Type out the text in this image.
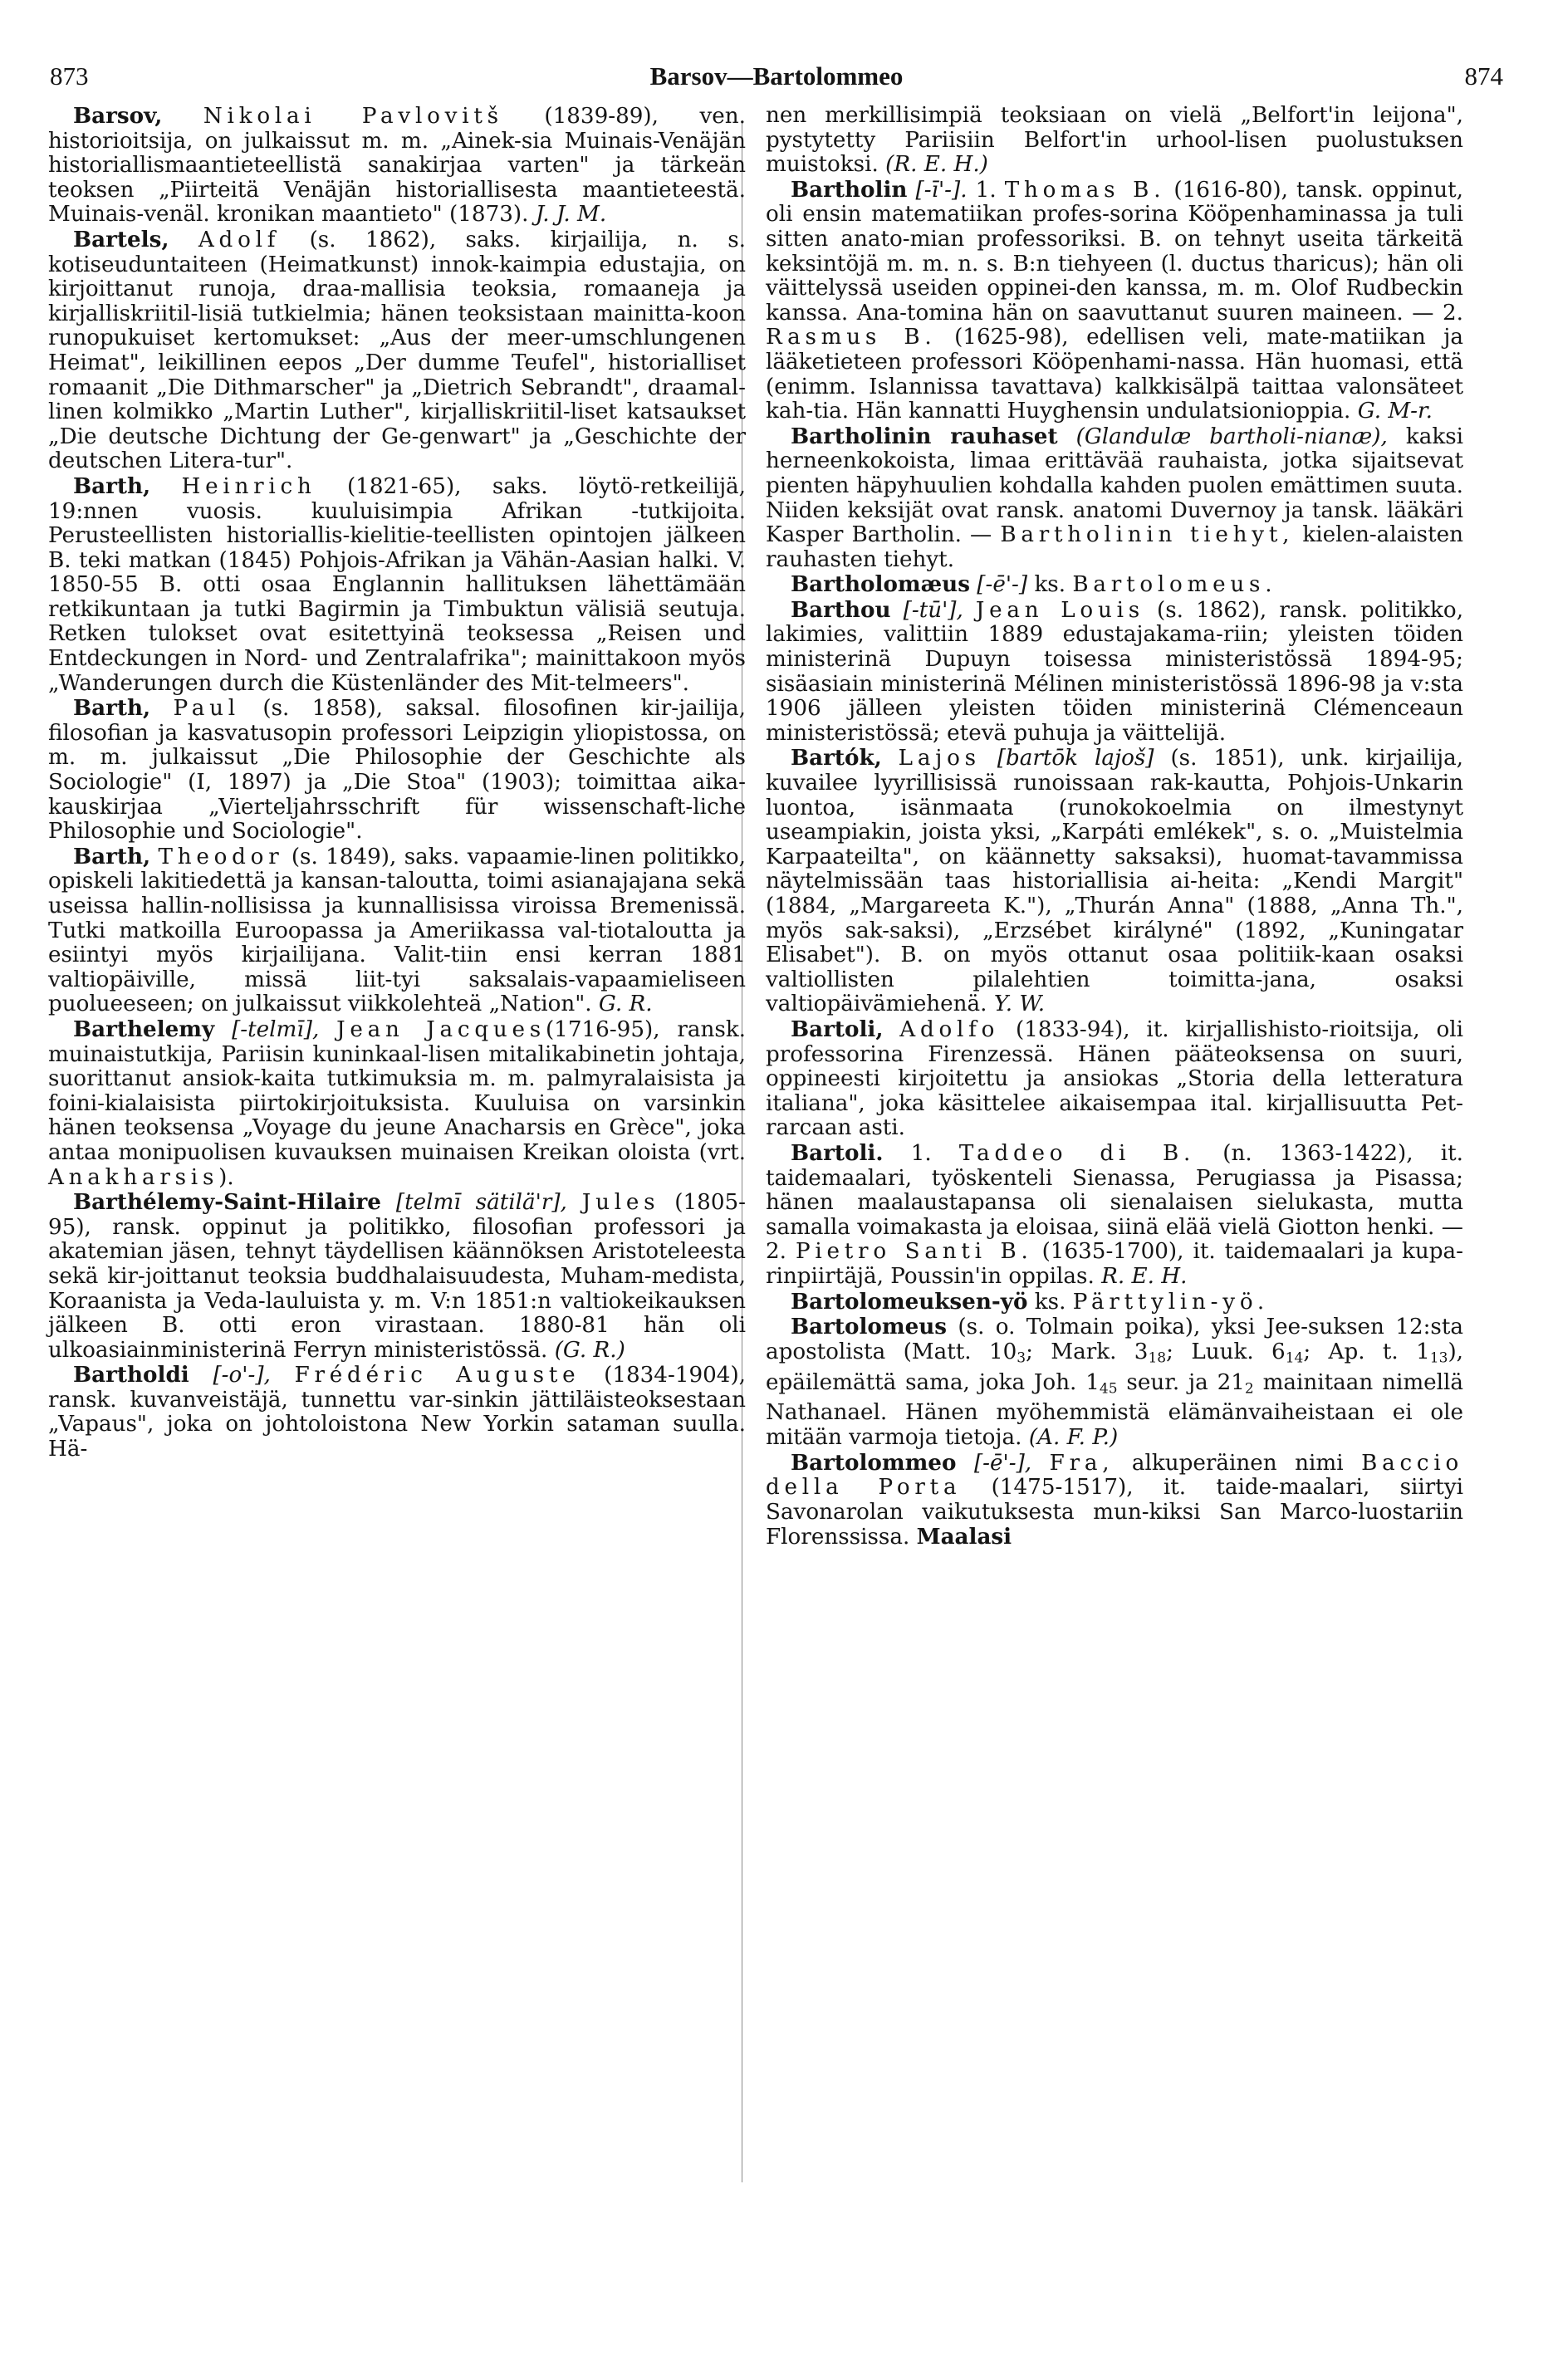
873	Barsov—Bartolommeo	874

Barsov, Nikolai Pavlovitš (1839-89), ven. historioitsija, on julkaissut m. m. „Ainek-sia Muinais-Venäjän historiallismaantieteellistä sanakirjaa varten" ja tärkeän teoksen „Piirteitä Venäjän historiallisesta maantieteestä. Muinais-venäl. kronikan maantieto" (1873). J. J. M.

Bartels, Adolf (s. 1862), saks. kirjailija, n. s. kotiseuduntaiteen (Heimatkunst) innok-kaimpia edustajia, on kirjoittanut runoja, draa-mallisia teoksia, romaaneja ja kirjalliskriitil-lisiä tutkielmia; hänen teoksistaan mainitta-koon runopukuiset kertomukset: „Aus der meer-umschlungenen Heimat", leikillinen eepos „Der dumme Teufel", historialliset romaanit „Die Dithmarscher" ja „Dietrich Sebrandt", draamal-linen kolmikko „Martin Luther", kirjalliskriitil-liset katsaukset „Die deutsche Dichtung der Ge-genwart" ja „Geschichte der deutschen Litera-tur".

Barth, Heinrich (1821-65), saks. löytö-retkeilijä, 19:nnen vuosis. kuuluisimpia Afrikan -tutkijoita. Perusteellisten historiallis-kielitie-teellisten opintojen jälkeen B. teki matkan (1845) Pohjois-Afrikan ja Vähän-Aasian halki. V. 1850-55 B. otti osaa Englannin hallituksen lähettämään retkikuntaan ja tutki Bagirmin ja Timbuktun välisiä seutuja. Retken tulokset ovat esitettyinä teoksessa „Reisen und Entdeckungen in Nord- und Zentralafrika"; mainittakoon myös „Wanderungen durch die Küstenländer des Mit-telmeers".

Barth, Paul (s. 1858), saksal. filosofinen kir-jailija, filosofian ja kasvatusopin professori Leipzigin yliopistossa, on m. m. julkaissut „Die Philosophie der Geschichte als Sociologie" (I, 1897) ja „Die Stoa" (1903); toimittaa aika-kauskirjaa „Vierteljahrsschrift für wissenschaft-liche Philosophie und Sociologie".

Barth, Theodor (s. 1849), saks. vapaamie-linen politikko, opiskeli lakitiedettä ja kansan-taloutta, toimi asianajajana sekä useissa hallin-nollisissa ja kunnallisissa viroissa Bremenissä. Tutki matkoilla Euroopassa ja Ameriikassa val-tiotaloutta ja esiintyi myös kirjailijana. Valit-tiin ensi kerran 1881 valtiopäiville, missä liit-tyi saksalais-vapaamieliseen puolueeseen; on julkaissut viikkolehteä „Nation". G. R.

Barthelemy [-telmī], Jean Jacques(1716-95), ransk. muinaistutkija, Pariisin kuninkaal-lisen mitalikabinetin johtaja, suorittanut ansiok-kaita tutkimuksia m. m. palmyralaisista ja foini-kialaisista piirtokirjoituksista. Kuuluisa on varsinkin hänen teoksensa „Voyage du jeune Anacharsis en Grèce", joka antaa monipuolisen kuvauksen muinaisen Kreikan oloista (vrt. Anakharsis).

Barthélemy-Saint-Hilaire [telmī sätilä'r], Jules (1805-95), ransk. oppinut ja politikko, filosofian professori ja akatemian jäsen, tehnyt täydellisen käännöksen Aristoteleesta sekä kir-joittanut teoksia buddhalaisuudesta, Muham-medista, Koraanista ja Veda-lauluista y. m. V:n 1851:n valtiokeikauksen jälkeen B. otti eron virastaan. 1880-81 hän oli ulkoasiainministerinä Ferryn ministeristössä. (G. R.)

Bartholdi [-o'-], Frédéric Auguste (1834-1904), ransk. kuvanveistäjä, tunnettu var-sinkin jättiläisteoksestaan „Vapaus", joka on johtoloistona New Yorkin sataman suulla. Hä-

nen merkillisimpiä teoksiaan on vielä „Belfort'in leijona", pystytetty Pariisiin Belfort'in urhool-lisen puolustuksen muistoksi. (R. E. H.)

Bartholin [-ī'-]. 1. Thomas B. (1616-80), tansk. oppinut, oli ensin matematiikan profes-sorina Kööpenhaminassa ja tuli sitten anato-mian professoriksi. B. on tehnyt useita tärkeitä keksintöjä m. m. n. s. B:n tiehyeen (l. ductus tharicus); hän oli väittelyssä useiden oppinei-den kanssa, m. m. Olof Rudbeckin kanssa. Ana-tomina hän on saavuttanut suuren maineen. — 2. Rasmus B. (1625-98), edellisen veli, mate-matiikan ja lääketieteen professori Kööpenhami-nassa. Hän huomasi, että (enimm. Islannissa tavattava) kalkkisälpä taittaa valonsäteet kah-tia. Hän kannatti Huyghensin undulatsionioppia. G. M-r.

Bartholinin rauhaset (Glandulæ bartholi-nianæ), kaksi herneenkokoista, limaa erittävää rauhaista, jotka sijaitsevat pienten häpyhuulien kohdalla kahden puolen emättimen suuta. Niiden keksijät ovat ransk. anatomi Duvernoy ja tansk. lääkäri Kasper Bartholin. — Bartholinin tiehyt, kielen-alaisten rauhasten tiehyt.

Bartholomæus [-ē'-] ks. Bartolomeus.

Barthou [-tū'], Jean Louis (s. 1862), ransk. politikko, lakimies, valittiin 1889 edustajakama-riin; yleisten töiden ministerinä Dupuyn toisessa ministeristössä 1894-95; sisäasiain ministerinä Mélinen ministeristössä 1896-98 ja v:sta 1906 jälleen yleisten töiden ministerinä Clémenceaun ministeristössä; etevä puhuja ja väittelijä.

Bartók, Lajos [bartōk lajoš] (s. 1851), unk. kirjailija, kuvailee lyyrillisissä runoissaan rak-kautta, Pohjois-Unkarin luontoa, isänmaata (runokokoelmia on ilmestynyt useampiakin, joista yksi, „Karpáti emlékek", s. o. „Muistelmia Karpaateilta", on käännetty saksaksi), huomat-tavammissa näytelmissään taas historiallisia ai-heita: „Kendi Margit" (1884, „Margareeta K."), „Thurán Anna" (1888, „Anna Th.", myös sak-saksi), „Erzsébet királyné" (1892, „Kuningatar Elisabet"). B. on myös ottanut osaa politiik-kaan osaksi valtiollisten pilalehtien toimitta-jana, osaksi valtiopäivämiehenä. Y. W.

Bartoli, Adolfo (1833-94), it. kirjallishisto-rioitsija, oli professorina Firenzessä. Hänen pääteoksensa on suuri, oppineesti kirjoitettu ja ansiokas „Storia della letteratura italiana", joka käsittelee aikaisempaa ital. kirjallisuutta Pet-rarcaan asti.

Bartoli. 1. Taddeo di B. (n. 1363-1422), it. taidemaalari, työskenteli Sienassa, Perugiassa ja Pisassa; hänen maalaustapansa oli sienalaisen sielukasta, mutta samalla voimakasta ja eloisaa, siinä elää vielä Giotton henki. — 2. Pietro Santi B. (1635-1700), it. taidemaalari ja kupa-rinpiirtäjä, Poussin'in oppilas. R. E. H.

Bartolomeuksen-yö ks. Pärttylin-yö.

Bartolomeus (s. o. Tolmain poika), yksi Jee-suksen 12:sta apostolista (Matt. $10_3$; Mark. $3_{18}$; Luuk. $6_{14}$; Ap. t. $1_{13}$), epäilemättä sama, joka Joh. $1_{45}$ seur. ja $21_2$ mainitaan nimellä Nathanael. Hänen myöhemmistä elämänvaiheistaan ei ole mitään varmoja tietoja. (A. F. P.)

Bartolommeo [-ē'-], Fra, alkuperäinen nimi Baccio della Porta (1475-1517), it. taide-maalari, siirtyi Savonarolan vaikutuksesta mun-kiksi San Marco-luostariin Florenssissa. Maalasi
